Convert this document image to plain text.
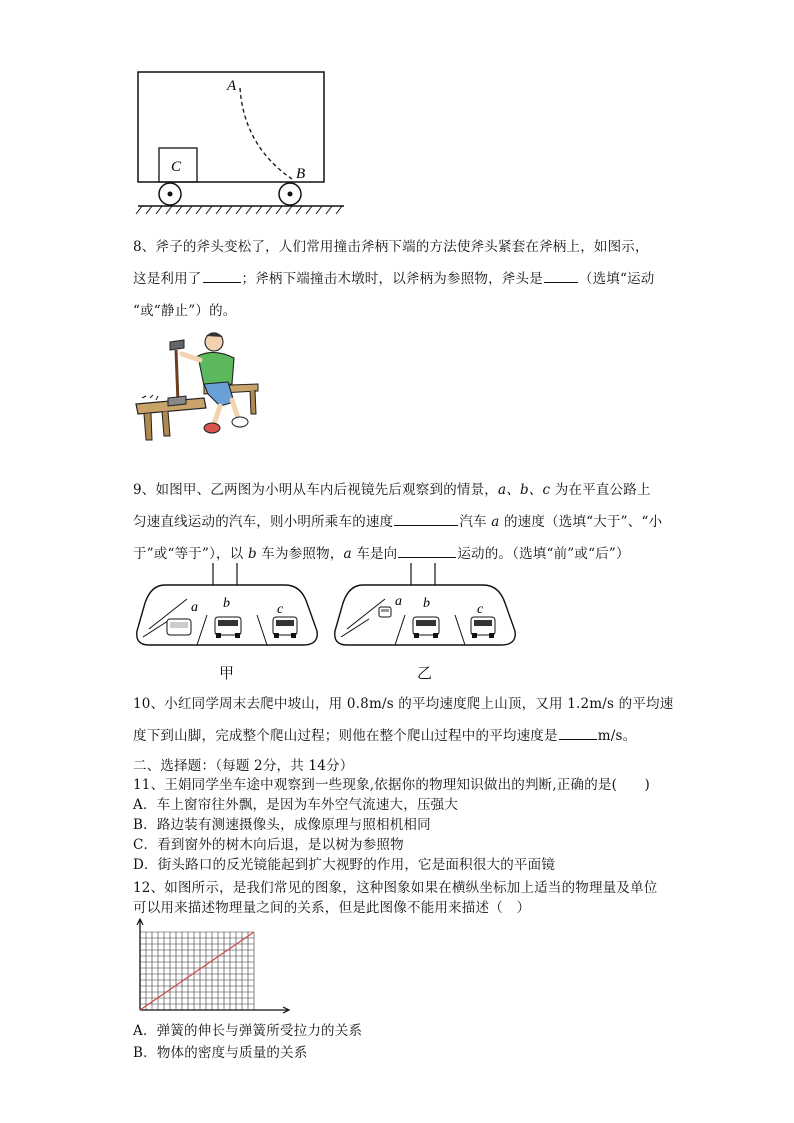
C
A
B
8、斧子的斧头变松了，人们常用撞击斧柄下端的方法使斧头紧套在斧柄上，如图示，
这是利用了	；斧柄下端撞击木墩时，以斧柄为参照物，斧头是	（选填“运动
“或“静止”）的。
9、如图甲、乙两图为小明从车内后视镜先后观察到的情景，a、b、c 为在平直公路上
匀速直线运动的汽车，则小明所乘车的速度	汽车 a 的速度（选填“大于”、“小
于”或“等于”），以 b 车为参照物，a 车是向	运动的。（选填“前”或“后”）
a b	c
甲
a b	c
乙
10、小红同学周末去爬中坡山，用 0.8m/s 的平均速度爬上山顶，又用 1.2m/s 的平均速
度下到山脚，完成整个爬山过程；则他在整个爬山过程中的平均速度是	m/s。
二、选择题：（每题 2分，共 14分）
11、王娟同学坐车途中观察到一些现象,依据你的物理知识做出的判断,正确的是(　　)
A．车上窗帘往外飘，是因为车外空气流速大，压强大
B．路边装有测速摄像头，成像原理与照相机相同
C．看到窗外的树木向后退，是以树为参照物
D．街头路口的反光镜能起到扩大视野的作用，它是面积很大的平面镜
12、如图所示，是我们常见的图象，这种图象如果在横纵坐标加上适当的物理量及单位
可以用来描述物理量之间的关系，但是此图像不能用来描述（　）
A．弹簧的伸长与弹簧所受拉力的关系
B．物体的密度与质量的关系
